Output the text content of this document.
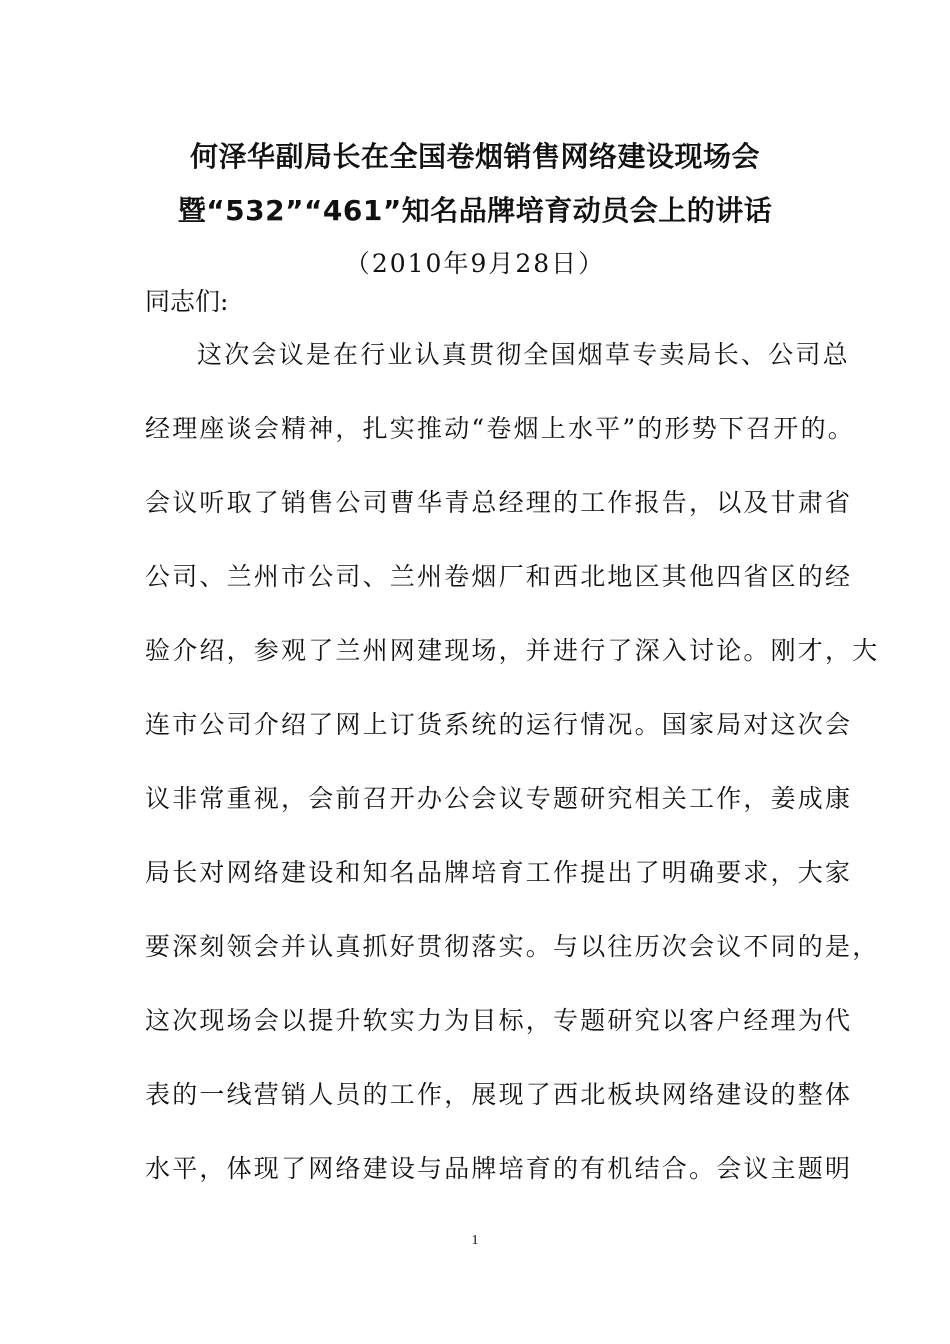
何泽华副局长在全国卷烟销售网络建设现场会
暨“532”“461”知名品牌培育动员会上的讲话
（2010年9月28日）
同志们:
这次会议是在行业认真贯彻全国烟草专卖局长、公司总
经理座谈会精神，扎实推动“卷烟上水平”的形势下召开的。
会议听取了销售公司曹华青总经理的工作报告，以及甘肃省
公司、兰州市公司、兰州卷烟厂和西北地区其他四省区的经
验介绍，参观了兰州网建现场，并进行了深入讨论。刚才，大
连市公司介绍了网上订货系统的运行情况。国家局对这次会
议非常重视，会前召开办公会议专题研究相关工作，姜成康
局长对网络建设和知名品牌培育工作提出了明确要求，大家
要深刻领会并认真抓好贯彻落实。与以往历次会议不同的是，
这次现场会以提升软实力为目标，专题研究以客户经理为代
表的一线营销人员的工作，展现了西北板块网络建设的整体
水平，体现了网络建设与品牌培育的有机结合。会议主题明
1
